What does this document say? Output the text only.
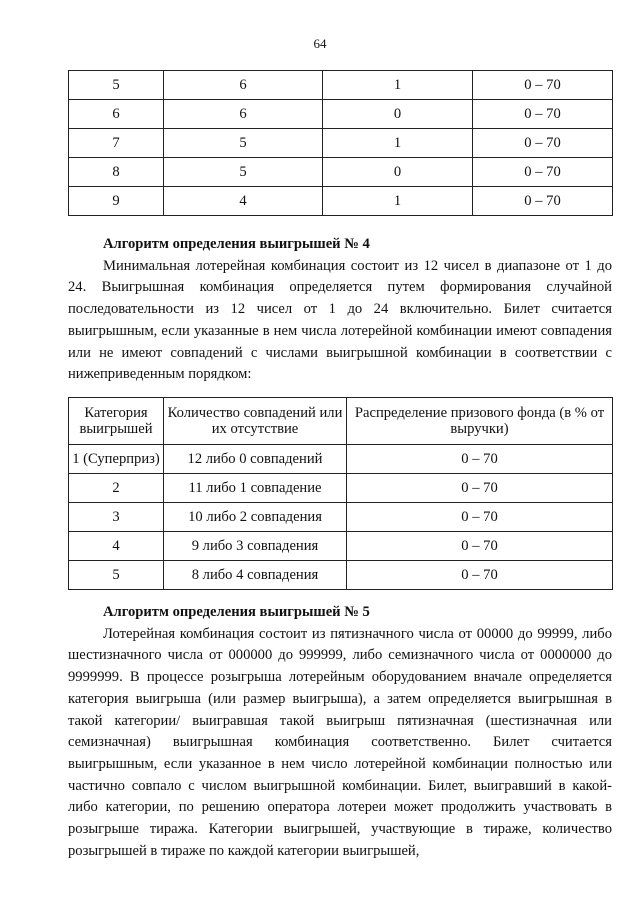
64
5	6	1	0 – 70
6	6	0	0 – 70
7	5	1	0 – 70
8	5	0	0 – 70
9	4	1	0 – 70
Алгоритм определения выигрышей № 4

Минимальная лотерейная комбинация состоит из 12 чисел в диапазоне от 1 до 24. Выигрышная комбинация определяется путем формирования случайной последовательности из 12 чисел от 1 до 24 включительно. Билет считается выигрышным, если указанные в нем числа лотерейной комбинации имеют совпадения или не имеют совпадений с числами выигрышной комбинации в соответствии с нижеприведенным порядком:

Категория выигрышей	Количество совпадений или их отсутствие	Распределение призового фонда (в % от выручки)
1 (Суперприз)	12 либо 0 совпадений	0 – 70
2	11 либо 1 совпадение	0 – 70
3	10 либо 2 совпадения	0 – 70
4	9 либо 3 совпадения	0 – 70
5	8 либо 4 совпадения	0 – 70
Алгоритм определения выигрышей № 5

Лотерейная комбинация состоит из пятизначного числа от 00000 до 99999, либо шестизначного числа от 000000 до 999999, либо семизначного числа от 0000000 до 9999999. В процессе розыгрыша лотерейным оборудованием вначале определяется категория выигрыша (или размер выигрыша), а затем определяется выигрышная в такой категории/ выигравшая такой выигрыш пятизначная (шестизначная или семизначная) выигрышная комбинация соответственно. Билет считается выигрышным, если указанное в нем число лотерейной комбинации полностью или частично совпало с числом выигрышной комбинации. Билет, выигравший в какой-либо категории, по решению оператора лотереи может продолжить участвовать в розыгрыше тиража. Категории выигрышей, участвующие в тираже, количество розыгрышей в тираже по каждой категории выигрышей,
